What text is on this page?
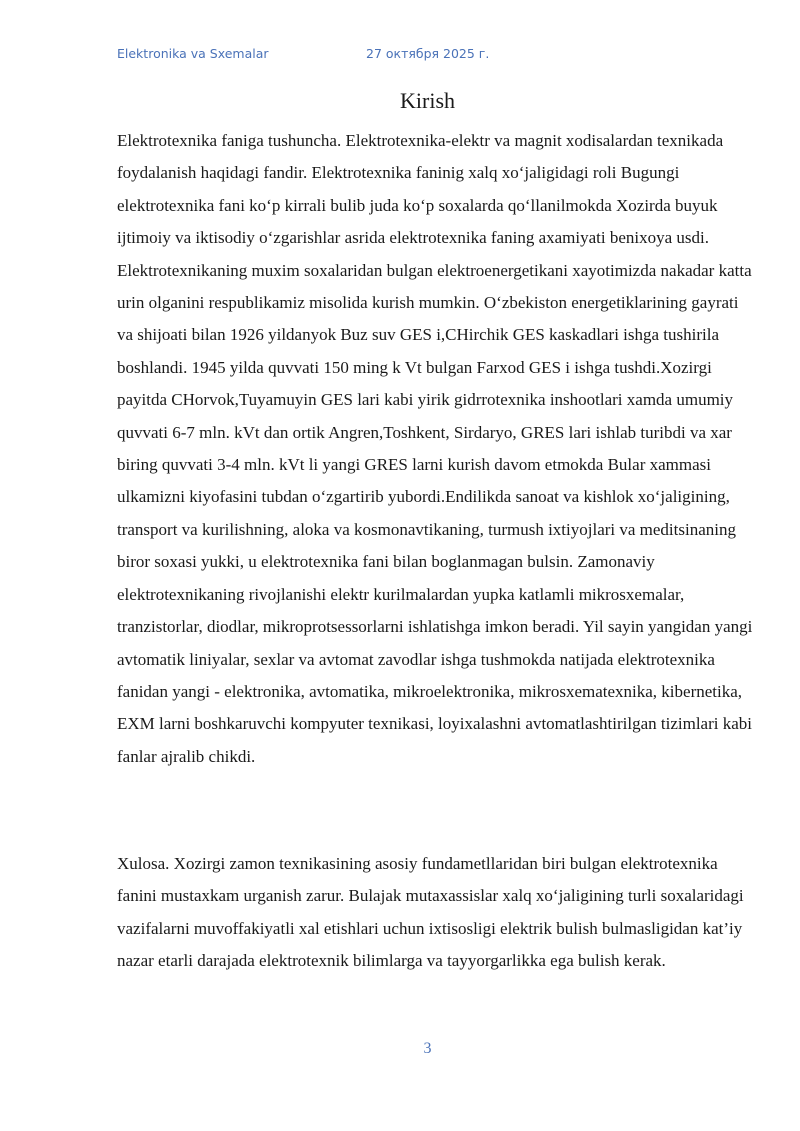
Elektronika va Sxemalar	27 октября 2025 г.
Kirish

Elektrotexnika faniga tushuncha. Elektrotexnika-elektr va magnit xodisalardan texnikada foydalanish haqidagi fandir. Elektrotexnika faninig xalq xo‘jaligidagi roli Bugungi elektrotexnika fani ko‘p kirrali bulib juda ko‘p soxalarda qo‘llanilmokda Xozirda buyuk ijtimoiy va iktisodiy o‘zgarishlar asrida elektrotexnika faning axamiyati benixoya usdi. Elektrotexnikaning muxim soxalaridan bulgan elektroenergetikani xayotimizda nakadar katta urin olganini respublikamiz misolida kurish mumkin. O‘zbekiston energetiklarining gayrati va shijoati bilan 1926 yildanyok Buz suv GES i,CHirchik GES kaskadlari ishga tushirila boshlandi. 1945 yilda quvvati 150 ming k Vt bulgan Farxod GES i ishga tushdi.Xozirgi payitda CHorvok,Tuyamuyin GES lari kabi yirik gidrrotexnika inshootlari xamda umumiy quvvati 6-7 mln. kVt dan ortik Angren,Toshkent, Sirdaryo, GRES lari ishlab turibdi va xar biring quvvati 3-4 mln. kVt li yangi GRES larni kurish davom etmokda Bular xammasi ulkamizni kiyofasini tubdan o‘zgartirib yubordi.Endilikda sanoat va kishlok xo‘jaligining, transport va kurilishning, aloka va kosmonavtikaning, turmush ixtiyojlari va meditsinaning biror soxasi yukki, u elektrotexnika fani bilan boglanmagan bulsin. Zamonaviy elektrotexnikaning rivojlanishi elektr kurilmalardan yupka katlamli mikrosxemalar, tranzistorlar, diodlar, mikroprotsessorlarni ishlatishga imkon beradi. Yil sayin yangidan yangi avtomatik liniyalar, sexlar va avtomat zavodlar ishga tushmokda natijada elektrotexnika fanidan yangi - elektronika, avtomatika, mikroelektronika, mikrosxematexnika, kibernetika, EXM larni boshkaruvchi kompyuter texnikasi, loyixalashni avtomatlashtirilgan tizimlari kabi fanlar ajralib chikdi.

Xulosa. Xozirgi zamon texnikasining asosiy fundametllaridan biri bulgan elektrotexnika fanini mustaxkam urganish zarur. Bulajak mutaxassislar xalq xo‘jaligining turli soxalaridagi vazifalarni muvoffakiyatli xal etishlari uchun ixtisosligi elektrik bulish bulmasligidan kat’iy nazar etarli darajada elektrotexnik bilimlarga va tayyorgarlikka ega bulish kerak.

3
